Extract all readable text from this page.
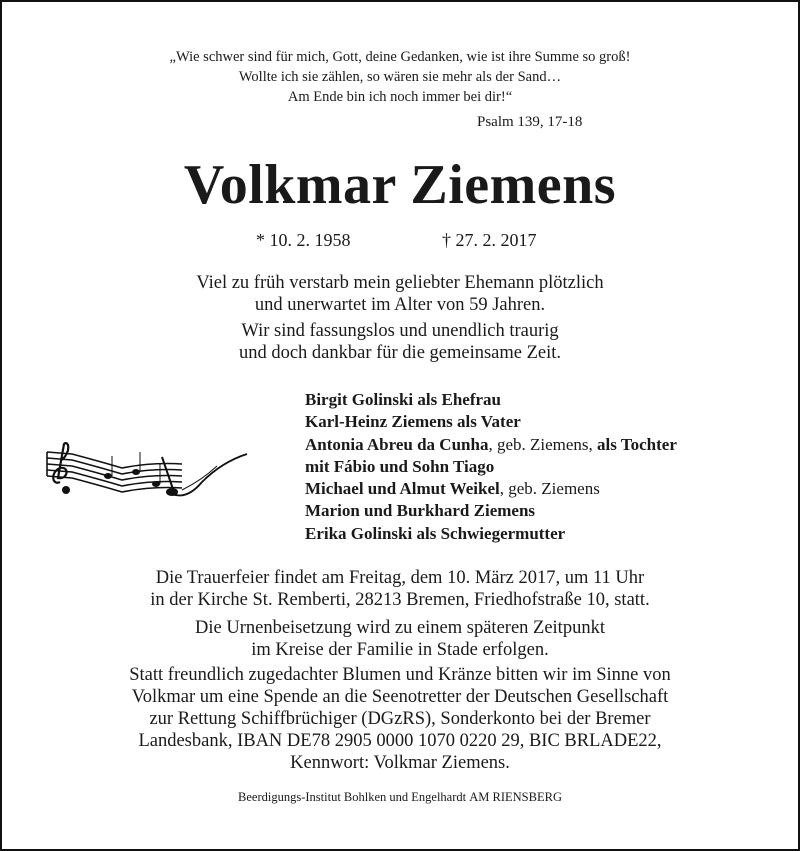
„Wie schwer sind für mich, Gott, deine Gedanken, wie ist ihre Summe so groß!
Wollte ich sie zählen, so wären sie mehr als der Sand…
Am Ende bin ich noch immer bei dir!“
Psalm 139, 17-18
Volkmar Ziemens
* 10. 2. 1958	† 27. 2. 2017
Viel zu früh verstarb mein geliebter Ehemann plötzlich
und unerwartet im Alter von 59 Jahren.
Wir sind fassungslos und unendlich traurig
und doch dankbar für die gemeinsame Zeit.
Birgit Golinski als Ehefrau
Karl-Heinz Ziemens als Vater
Antonia Abreu da Cunha, geb. Ziemens, als Tochter
mit Fábio und Sohn Tiago
Michael und Almut Weikel, geb. Ziemens
Marion und Burkhard Ziemens
Erika Golinski als Schwiegermutter
Die Trauerfeier findet am Freitag, dem 10. März 2017, um 11 Uhr
in der Kirche St. Remberti, 28213 Bremen, Friedhofstraße 10, statt.
Die Urnenbeisetzung wird zu einem späteren Zeitpunkt
im Kreise der Familie in Stade erfolgen.
Statt freundlich zugedachter Blumen und Kränze bitten wir im Sinne von
Volkmar um eine Spende an die Seenotretter der Deutschen Gesellschaft
zur Rettung Schiffbrüchiger (DGzRS), Sonderkonto bei der Bremer
Landesbank, IBAN DE78 2905 0000 1070 0220 29, BIC BRLADE22,
Kennwort: Volkmar Ziemens.
Beerdigungs-Institut Bohlken und Engelhardt AM RIENSBERG
